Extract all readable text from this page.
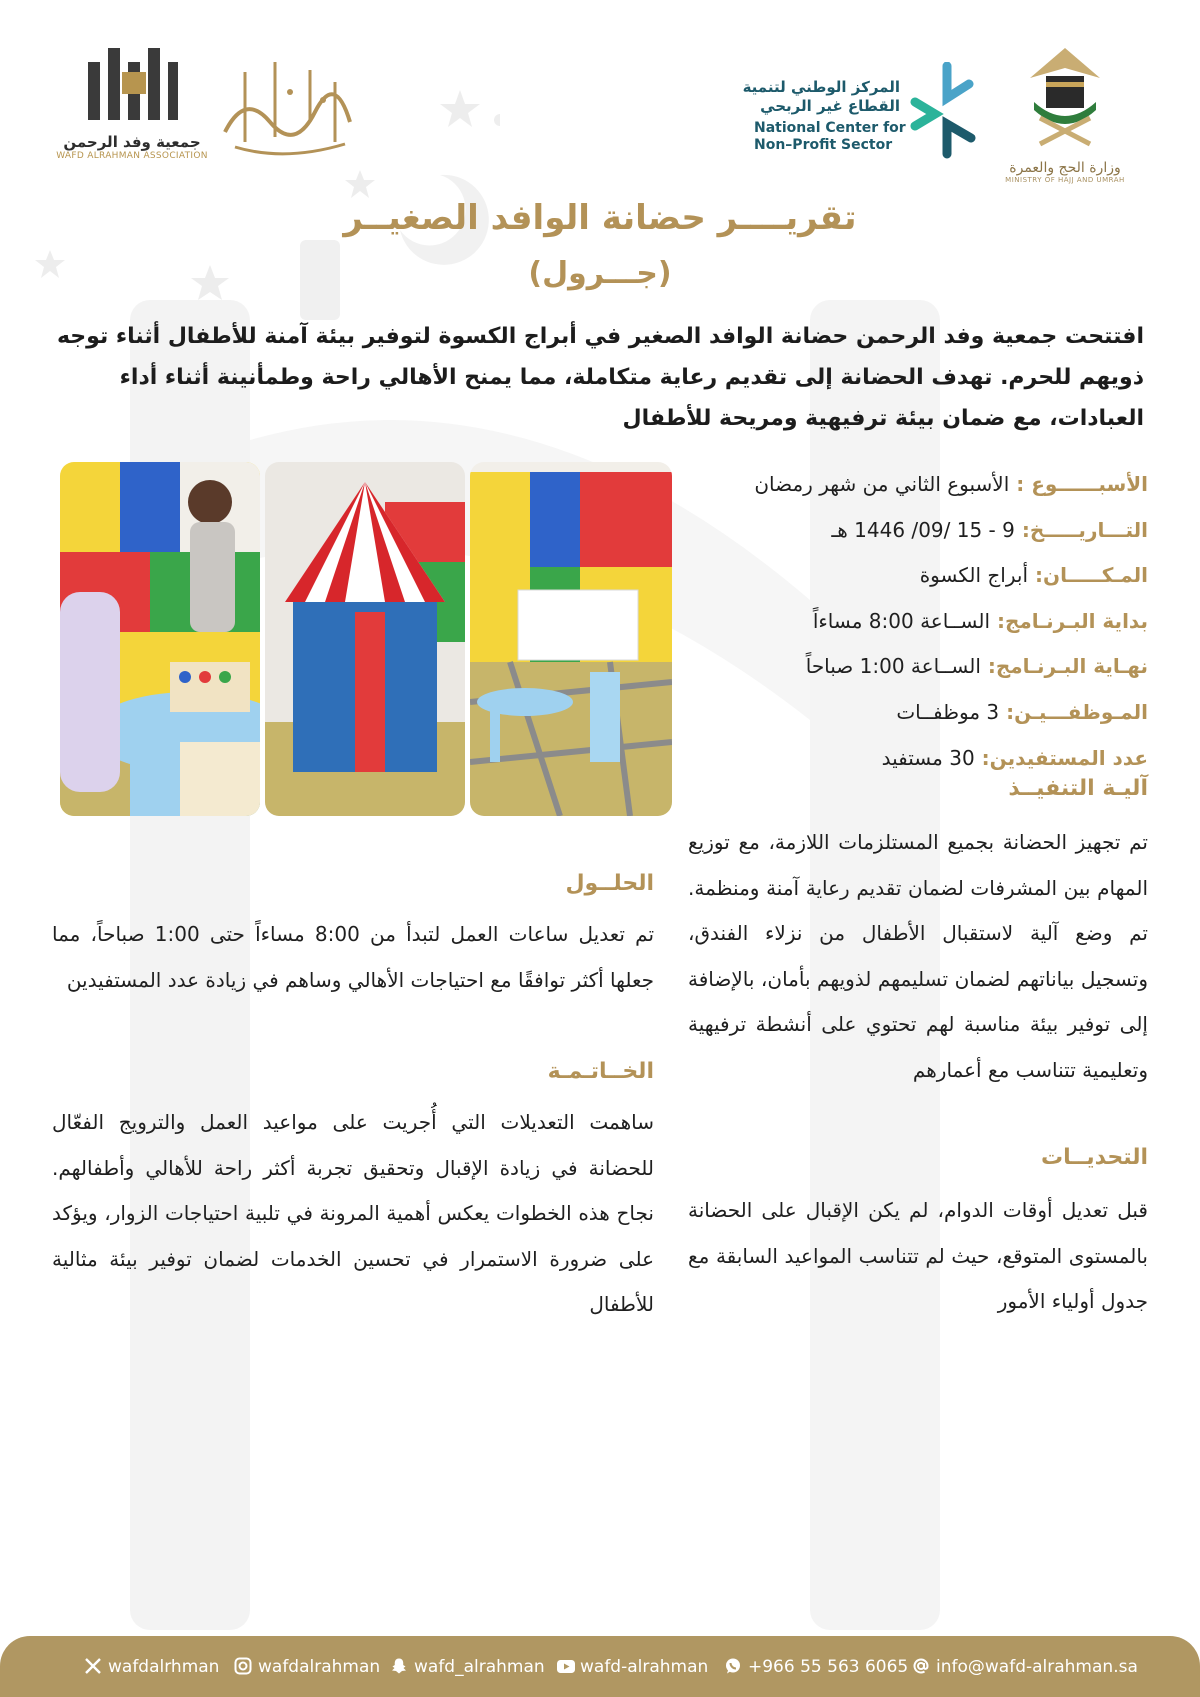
وزارة الحج والعمرة
MINISTRY OF HAJJ AND UMRAH
المركز الوطني لتنمية
القطاع غير الربحي
National Center for
Non–Profit Sector
جمعية وفد الرحمن
WAFD ALRAHMAN ASSOCIATION
تقريــــر حضانة الوافد الصغيــر
(جـــرول)
افتتحت جمعية وفد الرحمن حضانة الوافد الصغير في أبراج الكسوة لتوفير بيئة آمنة للأطفال أثناء توجه ذويهم للحرم. تهدف الحضانة إلى تقديم رعاية متكاملة، مما يمنح الأهالي راحة وطمأنينة أثناء أداء العبادات، مع ضمان بيئة ترفيهية ومريحة للأطفال
الأسبــــــوع : الأسبوع الثاني من شهر رمضان
التـــاريـــــخ: 9 - 15 /09/ 1446 هـ
المـكـــــان: أبراج الكسوة
بداية البـرنـامج: الســاعة 8:00 مساءاً
نهـاية البـرنـامج: الســاعة 1:00 صباحاً
المـوظفـــيـن: 3 موظفــات
عدد المستفيدين: 30 مستفيد
آليـة التنفيــذ
تم تجهيز الحضانة بجميع المستلزمات اللازمة، مع توزيع المهام بين المشرفات لضمان تقديم رعاية آمنة ومنظمة. تم وضع آلية لاستقبال الأطفال من نزلاء الفندق، وتسجيل بياناتهم لضمان تسليمهم لذويهم بأمان، بالإضافة إلى توفير بيئة مناسبة لهم تحتوي على أنشطة ترفيهية وتعليمية تتناسب مع أعمارهم
التحديــات
قبل تعديل أوقات الدوام، لم يكن الإقبال على الحضانة بالمستوى المتوقع، حيث لم تتناسب المواعيد السابقة مع جدول أولياء الأمور
الحلــول
تم تعديل ساعات العمل لتبدأ من 8:00 مساءاً حتى 1:00 صباحاً، مما جعلها أكثر توافقًا مع احتياجات الأهالي وساهم في زيادة عدد المستفيدين
الخــاتـمـة
ساهمت التعديلات التي أُجريت على مواعيد العمل والترويج الفعّال للحضانة في زيادة الإقبال وتحقيق تجربة أكثر راحة للأهالي وأطفالهم. نجاح هذه الخطوات يعكس أهمية المرونة في تلبية احتياجات الزوار، ويؤكد على ضرورة الاستمرار في تحسين الخدمات لضمان توفير بيئة مثالية للأطفال
wafdalrhman wafdalrahman wafd_alrahman wafd-alrahman +966 55 563 6065 info@wafd-alrahman.sa
